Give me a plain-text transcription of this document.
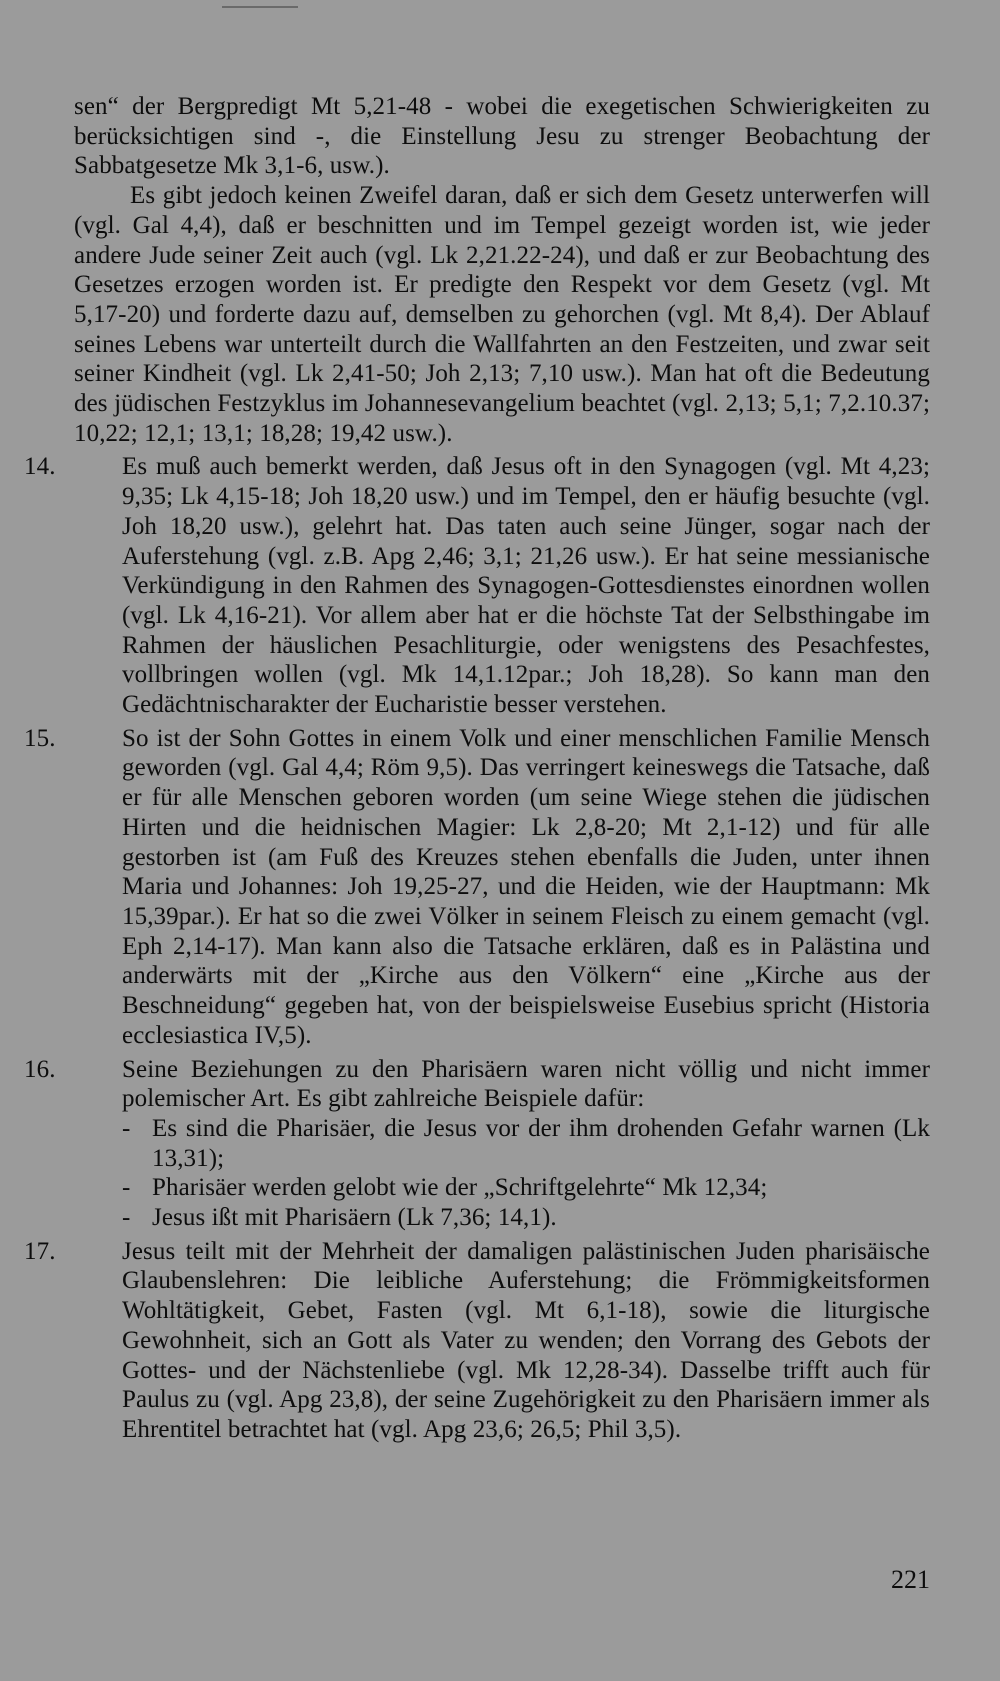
sen“ der Bergpredigt Mt 5,21-48 - wobei die exegetischen Schwierigkeiten zu berücksichtigen sind -, die Einstellung Jesu zu strenger Beobachtung der Sabbatgesetze Mk 3,1-6, usw.).

Es gibt jedoch keinen Zweifel daran, daß er sich dem Gesetz unterwerfen will (vgl. Gal 4,4), daß er beschnitten und im Tempel gezeigt worden ist, wie jeder andere Jude seiner Zeit auch (vgl. Lk 2,21.22-24), und daß er zur Beobachtung des Gesetzes erzogen worden ist. Er predigte den Respekt vor dem Gesetz (vgl. Mt 5,17-20) und forderte dazu auf, demselben zu gehorchen (vgl. Mt 8,4). Der Ablauf seines Lebens war unterteilt durch die Wallfahrten an den Festzeiten, und zwar seit seiner Kindheit (vgl. Lk 2,41-50; Joh 2,13; 7,10 usw.). Man hat oft die Bedeutung des jüdischen Festzyklus im Johannesevangelium beachtet (vgl. 2,13; 5,1; 7,2.10.37; 10,22; 12,1; 13,1; 18,28; 19,42 usw.).

14.	Es muß auch bemerkt werden, daß Jesus oft in den Synagogen (vgl. Mt 4,23; 9,35; Lk 4,15-18; Joh 18,20 usw.) und im Tempel, den er häufig besuchte (vgl. Joh 18,20 usw.), gelehrt hat. Das taten auch seine Jünger, sogar nach der Auferstehung (vgl. z.B. Apg 2,46; 3,1; 21,26 usw.). Er hat seine messianische Verkündigung in den Rahmen des Synagogen-Gottesdienstes einordnen wollen (vgl. Lk 4,16-21). Vor allem aber hat er die höchste Tat der Selbsthingabe im Rahmen der häuslichen Pesachliturgie, oder wenigstens des Pesachfestes, vollbringen wollen (vgl. Mk 14,1.12par.; Joh 18,28). So kann man den Gedächtnischarakter der Eucharistie besser verstehen.
15.	So ist der Sohn Gottes in einem Volk und einer menschlichen Familie Mensch geworden (vgl. Gal 4,4; Röm 9,5). Das verringert keineswegs die Tatsache, daß er für alle Menschen geboren worden (um seine Wiege stehen die jüdischen Hirten und die heidnischen Magier: Lk 2,8-20; Mt 2,1-12) und für alle gestorben ist (am Fuß des Kreuzes stehen ebenfalls die Juden, unter ihnen Maria und Johannes: Joh 19,25-27, und die Heiden, wie der Hauptmann: Mk 15,39par.). Er hat so die zwei Völker in seinem Fleisch zu einem gemacht (vgl. Eph 2,14-17). Man kann also die Tatsache erklären, daß es in Palästina und anderwärts mit der „Kirche aus den Völkern“ eine „Kirche aus der Beschneidung“ gegeben hat, von der beispielsweise Eusebius spricht (Historia ecclesiastica IV,5).
16.	Seine Beziehungen zu den Pharisäern waren nicht völlig und nicht immer polemischer Art. Es gibt zahlreiche Beispiele dafür:
- Es sind die Pharisäer, die Jesus vor der ihm drohenden Gefahr warnen (Lk 13,31);
- Pharisäer werden gelobt wie der „Schriftgelehrte“ Mk 12,34;
- Jesus ißt mit Pharisäern (Lk 7,36; 14,1).
17.	Jesus teilt mit der Mehrheit der damaligen palästinischen Juden pharisäische Glaubenslehren: Die leibliche Auferstehung; die Frömmigkeitsformen Wohltätigkeit, Gebet, Fasten (vgl. Mt 6,1-18), sowie die liturgische Gewohnheit, sich an Gott als Vater zu wenden; den Vorrang des Gebots der Gottes- und der Nächstenliebe (vgl. Mk 12,28-34). Dasselbe trifft auch für Paulus zu (vgl. Apg 23,8), der seine Zugehörigkeit zu den Pharisäern immer als Ehrentitel betrachtet hat (vgl. Apg 23,6; 26,5; Phil 3,5).
221
